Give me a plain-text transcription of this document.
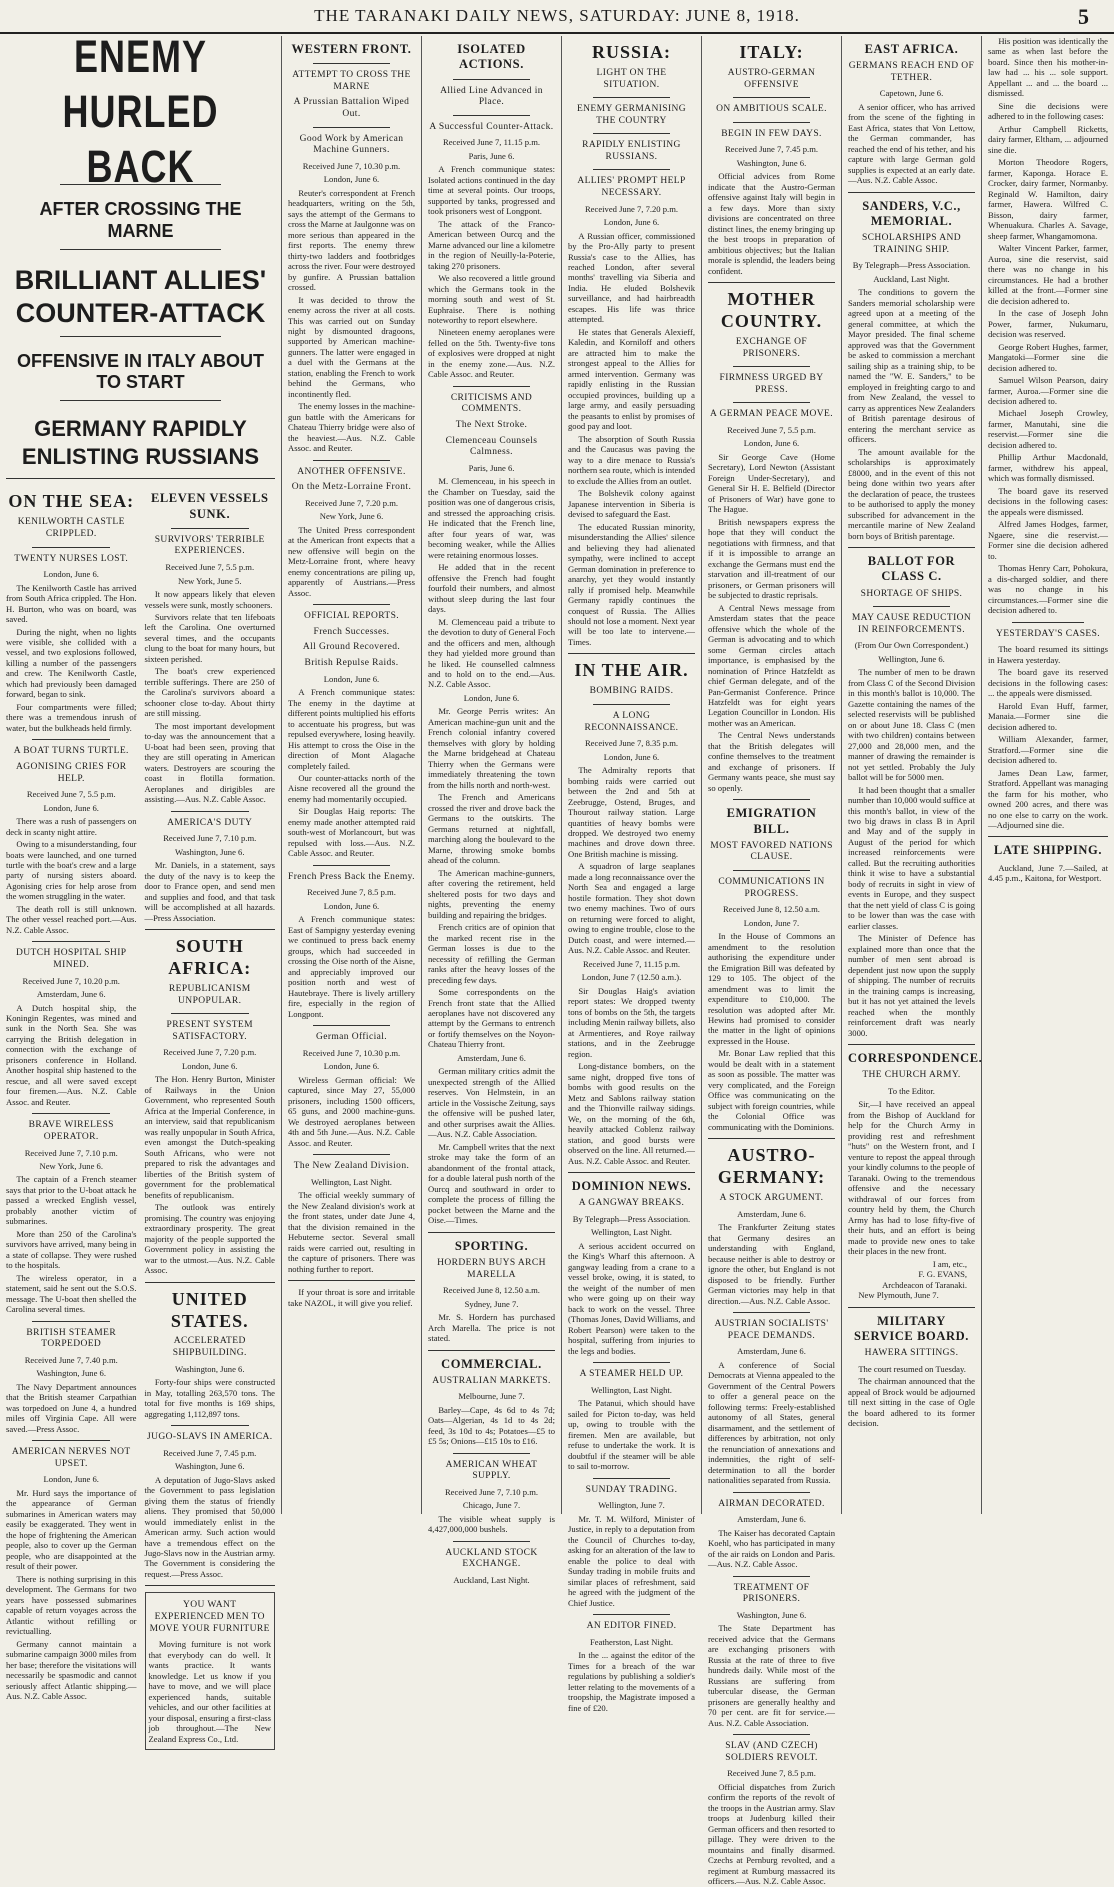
THE TARANAKI DAILY NEWS, SATURDAY: JUNE 8, 1918.	5
ENEMY HURLED BACK
AFTER CROSSING THE MARNE
BRILLIANT ALLIES' COUNTER-ATTACK
OFFENSIVE IN ITALY ABOUT TO START
GERMANY RAPIDLY ENLISTING RUSSIANS
ON THE SEA:
KENILWORTH CASTLE CRIPPLED.
TWENTY NURSES LOST.
London, June 6.

The Kenilworth Castle has arrived from South Africa crippled. The Hon. H. Burton, who was on board, was saved.

During the night, when no lights were visible, she collided with a vessel, and two explosions followed, killing a number of the passengers and crew. The Kenilworth Castle, which had previously been damaged forward, began to sink.

Four compartments were filled; there was a tremendous inrush of water, but the bulkheads held firmly.

A BOAT TURNS TURTLE.
AGONISING CRIES FOR HELP.
Received June 7, 5.5 p.m.
London, June 6.

There was a rush of passengers on deck in scanty night attire.

Owing to a misunderstanding, four boats were launched, and one turned turtle with the boat's crew and a large party of nursing sisters aboard. Agonising cries for help arose from the women struggling in the water.

The death roll is still unknown. The other vessel reached port.—Aus. N.Z. Cable Assoc.

DUTCH HOSPITAL SHIP MINED.
Received June 7, 10.20 p.m.
Amsterdam, June 6.

A Dutch hospital ship, the Koningin Regentes, was mined and sunk in the North Sea. She was carrying the British delegation in connection with the exchange of prisoners conference in Holland. Another hospital ship hastened to the rescue, and all were saved except four firemen.—Aus. N.Z. Cable Assoc. and Reuter.

BRAVE WIRELESS OPERATOR.
Received June 7, 7.10 p.m.
New York, June 6.

The captain of a French steamer says that prior to the U-boat attack he passed a wrecked English vessel, probably another victim of submarines.

More than 250 of the Carolina's survivors have arrived, many being in a state of collapse. They were rushed to the hospitals.

The wireless operator, in a statement, said he sent out the S.O.S. message. The U-boat then shelled the Carolina several times.

BRITISH STEAMER TORPEDOED
Received June 7, 7.40 p.m.
Washington, June 6.

The Navy Department announces that the British steamer Carpathian was torpedoed on June 4, a hundred miles off Virginia Cape. All were saved.—Press Assoc.

AMERICAN NERVES NOT UPSET.
London, June 6.

Mr. Hurd says the importance of the appearance of German submarines in American waters may easily be exaggerated. They went in the hope of frightening the American people, also to cover up the German people, who are disappointed at the result of their power.

There is nothing surprising in this development. The Germans for two years have possessed submarines capable of return voyages across the Atlantic without refilling or revictualling.

Germany cannot maintain a submarine campaign 3000 miles from her base; therefore the visitations will necessarily be spasmodic and cannot seriously affect Atlantic shipping.—Aus. N.Z. Cable Assoc.

ELEVEN VESSELS SUNK.
SURVIVORS' TERRIBLE EXPERIENCES.
Received June 7, 5.5 p.m.
New York, June 5.

It now appears likely that eleven vessels were sunk, mostly schooners.

Survivors relate that ten lifeboats left the Carolina. One overturned several times, and the occupants clung to the boat for many hours, but sixteen perished.

The boat's crew experienced terrible sufferings. There are 250 of the Carolina's survivors aboard a schooner close to-day. About thirty are still missing.

The most important development to-day was the announcement that a U-boat had been seen, proving that they are still operating in American waters. Destroyers are scouring the coast in flotilla formation. Aeroplanes and dirigibles are assisting.—Aus. N.Z. Cable Assoc.

AMERICA'S DUTY
Received June 7, 7.10 p.m.
Washington, June 6.

Mr. Daniels, in a statement, says the duty of the navy is to keep the door to France open, and send men and supplies and food, and that task will be accomplished at all hazards.—Press Association.

SOUTH AFRICA:
REPUBLICANISM UNPOPULAR.
PRESENT SYSTEM SATISFACTORY.
Received June 7, 7.20 p.m.
London, June 6.

The Hon. Henry Burton, Minister of Railways in the Union Government, who represented South Africa at the Imperial Conference, in an interview, said that republicanism was really unpopular in South Africa, even amongst the Dutch-speaking South Africans, who were not prepared to risk the advantages and liberties of the British system of government for the problematical benefits of republicanism.

The outlook was entirely promising. The country was enjoying extraordinary prosperity. The great majority of the people supported the Government policy in assisting the war to the utmost.—Aus. N.Z. Cable Assoc.

UNITED STATES.
ACCELERATED SHIPBUILDING.
Washington, June 6.

Forty-four ships were constructed in May, totalling 263,570 tons. The total for five months is 169 ships, aggregating 1,112,897 tons.

JUGO-SLAVS IN AMERICA.
Received June 7, 7.45 p.m.
Washington, June 6.

A deputation of Jugo-Slavs asked the Government to pass legislation giving them the status of friendly aliens. They promised that 50,000 would immediately enlist in the American army. Such action would have a tremendous effect on the Jugo-Slavs now in the Austrian army. The Government is considering the request.—Press Assoc.

YOU WANT EXPERIENCED MEN TO MOVE YOUR FURNITURE

Moving furniture is not work that everybody can do well. It wants practice. It wants knowledge. Let us know if you have to move, and we will place experienced hands, suitable vehicles, and our other facilities at your disposal, ensuring a first-class job throughout.—The New Zealand Express Co., Ltd.

WESTERN FRONT.
ATTEMPT TO CROSS THE MARNE
A Prussian Battalion Wiped Out.
Good Work by American Machine Gunners.
Received June 7, 10.30 p.m.
London, June 6.

Reuter's correspondent at French headquarters, writing on the 5th, says the attempt of the Germans to cross the Marne at Jaulgonne was on more serious than appeared in the first reports. The enemy threw thirty-two ladders and footbridges across the river. Four were destroyed by gunfire. A Prussian battalion crossed.

It was decided to throw the enemy across the river at all costs. This was carried out on Sunday night by dismounted dragoons, supported by American machine-gunners. The latter were engaged in a duel with the Germans at the station, enabling the French to work behind the Germans, who incontinently fled.

The enemy losses in the machine-gun battle with the Americans for Chateau Thierry bridge were also of the heaviest.—Aus. N.Z. Cable Assoc. and Reuter.

ANOTHER OFFENSIVE.
On the Metz-Lorraine Front.
Received June 7, 7.20 p.m.
New York, June 6.

The United Press correspondent at the American front expects that a new offensive will begin on the Metz-Lorraine front, where heavy enemy concentrations are piling up, apparently of Austrians.—Press Assoc.

OFFICIAL REPORTS.
French Successes.
All Ground Recovered.
British Repulse Raids.
London, June 6.

A French communique states: The enemy in the daytime at different points multiplied his efforts to accentuate his progress, but was repulsed everywhere, losing heavily. His attempt to cross the Oise in the direction of Mont Alagache completely failed.

Our counter-attacks north of the Aisne recovered all the ground the enemy had momentarily occupied.

Sir Douglas Haig reports: The enemy made another attempted raid south-west of Morlancourt, but was repulsed with loss.—Aus. N.Z. Cable Assoc. and Reuter.

French Press Back the Enemy.
Received June 7, 8.5 p.m.
London, June 6.

A French communique states: East of Sampigny yesterday evening we continued to press back enemy groups, which had succeeded in crossing the Oise north of the Aisne, and appreciably improved our position north and west of Hautebraye. There is lively artillery fire, especially in the region of Longpont.

German Official.
Received June 7, 10.30 p.m.
London, June 6.

Wireless German official: We captured, since May 27, 55,000 prisoners, including 1500 officers, 65 guns, and 2000 machine-guns. We destroyed aeroplanes between 4th and 5th June.—Aus. N.Z. Cable Assoc. and Reuter.

The New Zealand Division.
Wellington, Last Night.

The official weekly summary of the New Zealand division's work at the front states, under date June 4, that the division remained in the Hebuterne sector. Several small raids were carried out, resulting in the capture of prisoners. There was nothing further to report.

If your throat is sore and irritable take NAZOL, it will give you relief.

ISOLATED ACTIONS.
Allied Line Advanced in Place.
A Successful Counter-Attack.
Received June 7, 11.15 p.m.
Paris, June 6.

A French communique states: Isolated actions continued in the day time at several points. Our troops, supported by tanks, progressed and took prisoners west of Longpont.

The attack of the Franco-American between Ourcq and the Marne advanced our line a kilometre in the region of Neuilly-la-Poterie, taking 270 prisoners.

We also recovered a little ground which the Germans took in the morning south and west of St. Euphraise. There is nothing noteworthy to report elsewhere.

Nineteen enemy aeroplanes were felled on the 5th. Twenty-five tons of explosives were dropped at night in the enemy zone.—Aus. N.Z. Cable Assoc. and Reuter.

CRITICISMS AND COMMENTS.
The Next Stroke.
Clemenceau Counsels Calmness.
Paris, June 6.

M. Clemenceau, in his speech in the Chamber on Tuesday, said the position was one of dangerous crisis, and stressed the approaching crisis. He indicated that the French line, after four years of war, was becoming weaker, while the Allies were retaining enormous losses.

He added that in the recent offensive the French had fought fourfold their numbers, and almost without sleep during the last four days.

M. Clemenceau paid a tribute to the devotion to duty of General Foch and the officers and men, although they had yielded more ground than he liked. He counselled calmness and to hold on to the end.—Aus. N.Z. Cable Assoc.

London, June 6.

Mr. George Perris writes: An American machine-gun unit and the French colonial infantry covered themselves with glory by holding the Marne bridgehead at Chateau Thierry when the Germans were immediately threatening the town from the hills north and north-west.

The French and Americans crossed the river and drove back the Germans to the outskirts. The Germans returned at nightfall, marching along the boulevard to the Marne, throwing smoke bombs ahead of the column.

The American machine-gunners, after covering the retirement, held sheltered posts for two days and nights, preventing the enemy building and repairing the bridges.

French critics are of opinion that the marked recent rise in the German losses is due to the necessity of refilling the German ranks after the heavy losses of the preceding few days.

Some correspondents on the French front state that the Allied aeroplanes have not discovered any attempt by the Germans to entrench or fortify themselves on the Noyon-Chateau Thierry front.

Amsterdam, June 6.

German military critics admit the unexpected strength of the Allied reserves. Von Helmstein, in an article in the Vossische Zeitung, says the offensive will be pushed later, and other surprises await the Allies.—Aus. N.Z. Cable Association.

Mr. Campbell writes that the next stroke may take the form of an abandonment of the frontal attack, for a double lateral push north of the Ourcq and southward in order to complete the process of filling the pocket between the Marne and the Oise.—Times.

SPORTING.
HORDERN BUYS ARCH MARELLA
Received June 8, 12.50 a.m.
Sydney, June 7.

Mr. S. Hordern has purchased Arch Marella. The price is not stated.

COMMERCIAL.
AUSTRALIAN MARKETS.
Melbourne, June 7.

Barley—Cape, 4s 6d to 4s 7d; Oats—Algerian, 4s 1d to 4s 2d; feed, 3s 10d to 4s; Potatoes—£5 to £5 5s; Onions—£15 10s to £16.

AMERICAN WHEAT SUPPLY.
Received June 7, 7.10 p.m.
Chicago, June 7.

The visible wheat supply is 4,427,000,000 bushels.

AUCKLAND STOCK EXCHANGE.
Auckland, Last Night.
RUSSIA:
LIGHT ON THE SITUATION.
ENEMY GERMANISING THE COUNTRY
RAPIDLY ENLISTING RUSSIANS.
ALLIES' PROMPT HELP NECESSARY.
Received June 7, 7.20 p.m.
London, June 6.

A Russian officer, commissioned by the Pro-Ally party to present Russia's case to the Allies, has reached London, after several months' travelling via Siberia and India. He eluded Bolshevik surveillance, and had hairbreadth escapes. His life was thrice attempted.

He states that Generals Alexieff, Kaledin, and Korniloff and others are attracted him to make the strongest appeal to the Allies for armed intervention. Germany was rapidly enlisting in the Russian occupied provinces, building up a large army, and easily persuading the peasants to enlist by promises of good pay and loot.

The absorption of South Russia and the Caucasus was paving the way to a dire menace to Russia's northern sea route, which is intended to exclude the Allies from an outlet.

The Bolshevik colony against Japanese intervention in Siberia is devised to safeguard the East.

The educated Russian minority, misunderstanding the Allies' silence and believing they had alienated sympathy, were inclined to accept German domination in preference to anarchy, yet they would instantly rally if promised help. Meanwhile Germany rapidly continues the conquest of Russia. The Allies should not lose a moment. Next year will be too late to intervene.—Times.

IN THE AIR.
BOMBING RAIDS.
A LONG RECONNAISSANCE.
Received June 7, 8.35 p.m.
London, June 6.

The Admiralty reports that bombing raids were carried out between the 2nd and 5th at Zeebrugge, Ostend, Bruges, and Thourout railway station. Large quantities of heavy bombs were dropped. We destroyed two enemy machines and drove down three. One British machine is missing.

A squadron of large seaplanes made a long reconnaissance over the North Sea and engaged a large hostile formation. They shot down two enemy machines. Two of ours on returning were forced to alight, owing to engine trouble, close to the Dutch coast, and were interned.—Aus. N.Z. Cable Assoc. and Reuter.

Received June 7, 11.15 p.m.
London, June 7 (12.50 a.m.).

Sir Douglas Haig's aviation report states: We dropped twenty tons of bombs on the 5th, the targets including Menin railway billets, also at Armentieres, and Roye railway stations, and in the Zeebrugge region.

Long-distance bombers, on the same night, dropped five tons of bombs with good results on the Metz and Sablons railway station and the Thionville railway sidings. We, on the morning of the 6th, heavily attacked Coblenz railway station, and good bursts were observed on the line. All returned.—Aus. N.Z. Cable Assoc. and Reuter.

DOMINION NEWS.
A GANGWAY BREAKS.
By Telegraph—Press Association.
Wellington, Last Night.

A serious accident occurred on the King's Wharf this afternoon. A gangway leading from a crane to a vessel broke, owing, it is stated, to the weight of the number of men who were going up on their way back to work on the vessel. Three (Thomas Jones, David Williams, and Robert Pearson) were taken to the hospital, suffering from injuries to the legs and bodies.

A STEAMER HELD UP.
Wellington, Last Night.

The Patanui, which should have sailed for Picton to-day, was held up, owing to trouble with the firemen. Men are available, but refuse to undertake the work. It is doubtful if the steamer will be able to sail to-morrow.

SUNDAY TRADING.
Wellington, June 7.

Mr. T. M. Wilford, Minister of Justice, in reply to a deputation from the Council of Churches to-day, asking for an alteration of the law to enable the police to deal with Sunday trading in mobile fruits and similar places of refreshment, said he agreed with the judgment of the Chief Justice.

AN EDITOR FINED.
Featherston, Last Night.

In the ... against the editor of the Times for a breach of the war regulations by publishing a soldier's letter relating to the movements of a troopship, the Magistrate imposed a fine of £20.

ITALY:
AUSTRO-GERMAN OFFENSIVE
ON AMBITIOUS SCALE.
BEGIN IN FEW DAYS.
Received June 7, 7.45 p.m.
Washington, June 6.

Official advices from Rome indicate that the Austro-German offensive against Italy will begin in a few days. More than sixty divisions are concentrated on three distinct lines, the enemy bringing up the best troops in preparation of ambitious objectives; but the Italian morale is splendid, the leaders being confident.

MOTHER COUNTRY.
EXCHANGE OF PRISONERS.
FIRMNESS URGED BY PRESS.
A GERMAN PEACE MOVE.
Received June 7, 5.5 p.m.
London, June 6.

Sir George Cave (Home Secretary), Lord Newton (Assistant Foreign Under-Secretary), and General Sir H. E. Belfield (Director of Prisoners of War) have gone to The Hague.

British newspapers express the hope that they will conduct the negotiations with firmness, and that if it is impossible to arrange an exchange the Germans must end the starvation and ill-treatment of our prisoners, or German prisoners will be subjected to drastic reprisals.

A Central News message from Amsterdam states that the peace offensive which the whole of the German is advocating and to which some German circles attach importance, is emphasised by the nomination of Prince Hatzfeldt as chief German delegate, and of the Pan-Germanist Conference. Prince Hatzfeldt was for eight years Legation Councillor in London. His mother was an American.

The Central News understands that the British delegates will confine themselves to the treatment and exchange of prisoners. If Germany wants peace, she must say so openly.

EMIGRATION BILL.
MOST FAVORED NATIONS CLAUSE.
COMMUNICATIONS IN PROGRESS.
Received June 8, 12.50 a.m.
London, June 7.

In the House of Commons an amendment to the resolution authorising the expenditure under the Emigration Bill was defeated by 129 to 105. The object of the amendment was to limit the expenditure to £10,000. The resolution was adopted after Mr. Hewins had promised to consider the matter in the light of opinions expressed in the House.

Mr. Bonar Law replied that this would be dealt with in a statement as soon as possible. The matter was very complicated, and the Foreign Office was communicating on the subject with foreign countries, while the Colonial Office was communicating with the Dominions.

AUSTRO-GERMANY:
A STOCK ARGUMENT.
Amsterdam, June 6.

The Frankfurter Zeitung states that Germany desires an understanding with England, because neither is able to destroy or ignore the other, but England is not disposed to be friendly. Further German victories may help in that direction.—Aus. N.Z. Cable Assoc.

AUSTRIAN SOCIALISTS' PEACE DEMANDS.
Amsterdam, June 6.

A conference of Social Democrats at Vienna appealed to the Government of the Central Powers to offer a general peace on the following terms: Freely-established autonomy of all States, general disarmament, and the settlement of differences by arbitration, not only the renunciation of annexations and indemnities, the right of self-determination to all the border nationalities separated from Russia.

AIRMAN DECORATED.
Amsterdam, June 6.

The Kaiser has decorated Captain Koehl, who has participated in many of the air raids on London and Paris.—Aus. N.Z. Cable Assoc.

TREATMENT OF PRISONERS.
Washington, June 6.

The State Department has received advice that the Germans are exchanging prisoners with Russia at the rate of three to five hundreds daily. While most of the Russians are suffering from tubercular disease, the German prisoners are generally healthy and 70 per cent. are fit for service.—Aus. N.Z. Cable Association.

SLAV (AND CZECH) SOLDIERS REVOLT.
Received June 7, 8.5 p.m.

Official dispatches from Zurich confirm the reports of the revolt of the troops in the Austrian army. Slav troops at Judenburg killed their German officers and then resorted to pillage. They were driven to the mountains and finally disarmed. Czechs at Pernburg revolted, and a regiment at Rumburg massacred its officers.—Aus. N.Z. Cable Assoc.

EAST AFRICA.
GERMANS REACH END OF TETHER.
Capetown, June 6.

A senior officer, who has arrived from the scene of the fighting in East Africa, states that Von Lettow, the German commander, has reached the end of his tether, and his capture with large German gold supplies is expected at an early date.—Aus. N.Z. Cable Assoc.

SANDERS, V.C., MEMORIAL.
SCHOLARSHIPS AND TRAINING SHIP.
By Telegraph—Press Association.
Auckland, Last Night.

The conditions to govern the Sanders memorial scholarship were agreed upon at a meeting of the general committee, at which the Mayor presided. The final scheme approved was that the Government be asked to commission a merchant sailing ship as a training ship, to be named the "W. E. Sanders," to be employed in freighting cargo to and from New Zealand, the vessel to carry as apprentices New Zealanders of British parentage desirous of entering the merchant service as officers.

The amount available for the scholarships is approximately £8000, and in the event of this not being done within two years after the declaration of peace, the trustees to be authorised to apply the money subscribed for advancement in the mercantile marine of New Zealand born boys of British parentage.

BALLOT FOR CLASS C.
SHORTAGE OF SHIPS.
MAY CAUSE REDUCTION IN REINFORCEMENTS.
(From Our Own Correspondent.)
Wellington, June 6.

The number of men to be drawn from Class C of the Second Division in this month's ballot is 10,000. The Gazette containing the names of the selected reservists will be published on or about June 18. Class C (men with two children) contains between 27,000 and 28,000 men, and the manner of drawing the remainder is not yet settled. Probably the July ballot will be for 5000 men.

It had been thought that a smaller number than 10,000 would suffice at this month's ballot, in view of the two big draws in class B in April and May and of the supply in August of the period for which increased reinforcements were called. But the recruiting authorities think it wise to have a substantial body of recruits in sight in view of events in Europe, and they suspect that the nett yield of class C is going to be lower than was the case with earlier classes.

The Minister of Defence has explained more than once that the number of men sent abroad is dependent just now upon the supply of shipping. The number of recruits in the training camps is increasing, but it has not yet attained the levels reached when the monthly reinforcement draft was nearly 3000.

CORRESPONDENCE.
THE CHURCH ARMY.
To the Editor.

Sir,—I have received an appeal from the Bishop of Auckland for help for the Church Army in providing rest and refreshment "huts" on the Western front, and I venture to repost the appeal through your kindly columns to the people of Taranaki. Owing to the tremendous offensive and the necessary withdrawal of our forces from country held by them, the Church Army has had to lose fifty-five of their huts, and an effort is being made to provide new ones to take their places in the new front.

I am, etc.,
F. G. EVANS,
Archdeacon of Taranaki.
New Plymouth, June 7.
MILITARY SERVICE BOARD.
HAWERA SITTINGS.

The court resumed on Tuesday.

The chairman announced that the appeal of Brock would be adjourned till next sitting in the case of Ogle the board adhered to its former decision.

His position was identically the same as when last before the board. Since then his mother-in-law had ... his ... sole support. Appellant ... and ... the board ... dismissed.

Sine die decisions were adhered to in the following cases:

Arthur Campbell Ricketts, dairy farmer, Eltham, ... adjourned sine die.

Morton Theodore Rogers, farmer, Kaponga. Horace E. Crocker, dairy farmer, Normanby. Reginald W. Hamilton, dairy farmer, Hawera. Wilfred C. Bisson, dairy farmer, Whenuakura. Charles A. Savage, sheep farmer, Whangamomona.

Walter Vincent Parker, farmer, Auroa, sine die reservist, said there was no change in his circumstances. He had a brother killed at the front.—Former sine die decision adhered to.

In the case of Joseph John Power, farmer, Nukumaru, decision was reserved.

George Robert Hughes, farmer, Mangatoki—Former sine die decision adhered to.

Samuel Wilson Pearson, dairy farmer, Auroa.—Former sine die decision adhered to.

Michael Joseph Crowley, farmer, Manutahi, sine die reservist.—Former sine die decision adhered to.

Phillip Arthur Macdonald, farmer, withdrew his appeal, which was formally dismissed.

The board gave its reserved decisions in the following cases: the appeals were dismissed.

Alfred James Hodges, farmer, Ngaere, sine die reservist.—Former sine die decision adhered to.

Thomas Henry Carr, Pohokura, a dis-charged soldier, and there was no change in his circumstances.—Former sine die decision adhered to.

YESTERDAY'S CASES.

The board resumed its sittings in Hawera yesterday.

The board gave its reserved decisions in the following cases: ... the appeals were dismissed.

Harold Evan Huff, farmer, Manaia.—Former sine die decision adhered to.

William Alexander, farmer, Stratford.—Former sine die decision adhered to.

James Dean Law, farmer, Stratford. Appellant was managing the farm for his mother, who owned 200 acres, and there was no one else to carry on the work.—Adjourned sine die.

LATE SHIPPING.

Auckland, June 7.—Sailed, at 4.45 p.m., Kaitona, for Westport.
